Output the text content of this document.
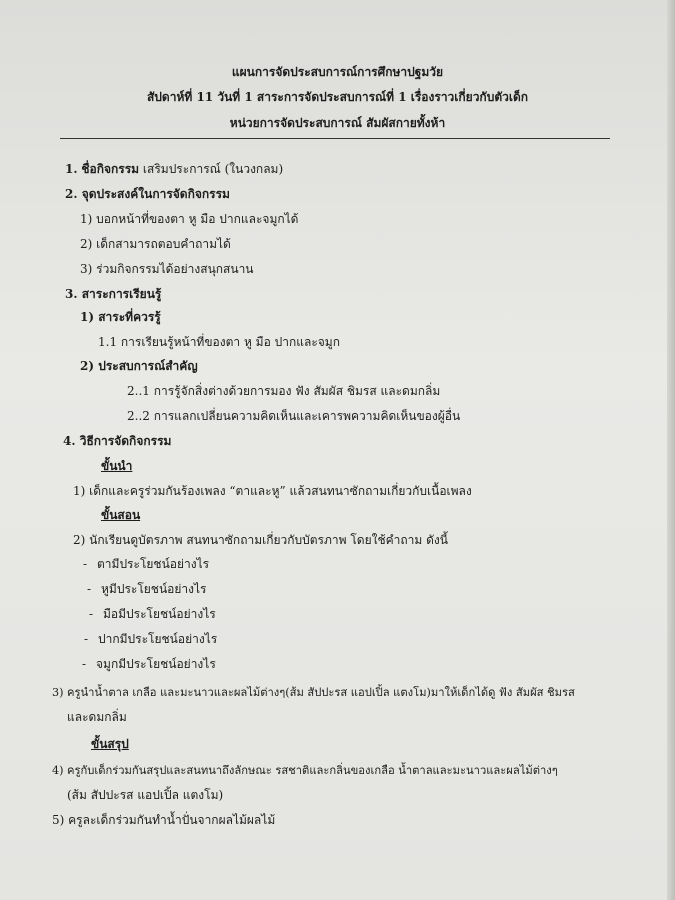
แผนการจัดประสบการณ์การศึกษาปฐมวัย
สัปดาห์ที่ 11 วันที่ 1 สาระการจัดประสบการณ์ที่ 1 เรื่องราวเกี่ยวกับตัวเด็ก
หน่วยการจัดประสบการณ์ สัมผัสกายทั้งห้า
1. ชื่อกิจกรรม เสริมประการณ์ (ในวงกลม)
2. จุดประสงค์ในการจัดกิจกรรม
1) บอกหน้าที่ของตา หู มือ ปากและจมูกได้
2) เด็กสามารถตอบคำถามได้
3) ร่วมกิจกรรมได้อย่างสนุกสนาน
3. สาระการเรียนรู้
1) สาระที่ควรรู้
1.1 การเรียนรู้หน้าที่ของตา หู มือ ปากและจมูก
2) ประสบการณ์สำคัญ
2..1 การรู้จักสิ่งต่างด้วยการมอง ฟัง สัมผัส ชิมรส และดมกลิ่ม
2..2 การแลกเปลี่ยนความคิดเห็นและเคารพความคิดเห็นของผู้อื่น
4. วิธีการจัดกิจกรรม
ขั้นนำ
1) เด็กและครูร่วมกันร้องเพลง “ตาและหู” แล้วสนทนาซักถามเกี่ยวกับเนื้อเพลง
ขั้นสอน
2) นักเรียนดูบัตรภาพ สนทนาซักถามเกี่ยวกับบัตรภาพ โดยใช้คำถาม ดังนี้
- ตามีประโยชน์อย่างไร
- หูมีประโยชน์อย่างไร
- มือมีประโยชน์อย่างไร
- ปากมีประโยชน์อย่างไร
- จมูกมีประโยชน์อย่างไร
3) ครูนำน้ำตาล เกลือ และมะนาวและผลไม้ต่างๆ(ส้ม สัปปะรส แอปเปิ้ล แตงโม)มาให้เด็กได้ดู ฟัง สัมผัส ชิมรส
และดมกลิ่ม
ขั้นสรุป
4) ครูกับเด็กร่วมกันสรุปและสนทนาถึงลักษณะ รสชาติและกลิ่นของเกลือ น้ำตาลและมะนาวและผลไม้ต่างๆ
(ส้ม สัปปะรส แอปเปิ้ล แตงโม)
5) ครูละเด็กร่วมกันทำน้ำปั่นจากผลไม้ผลไม้
